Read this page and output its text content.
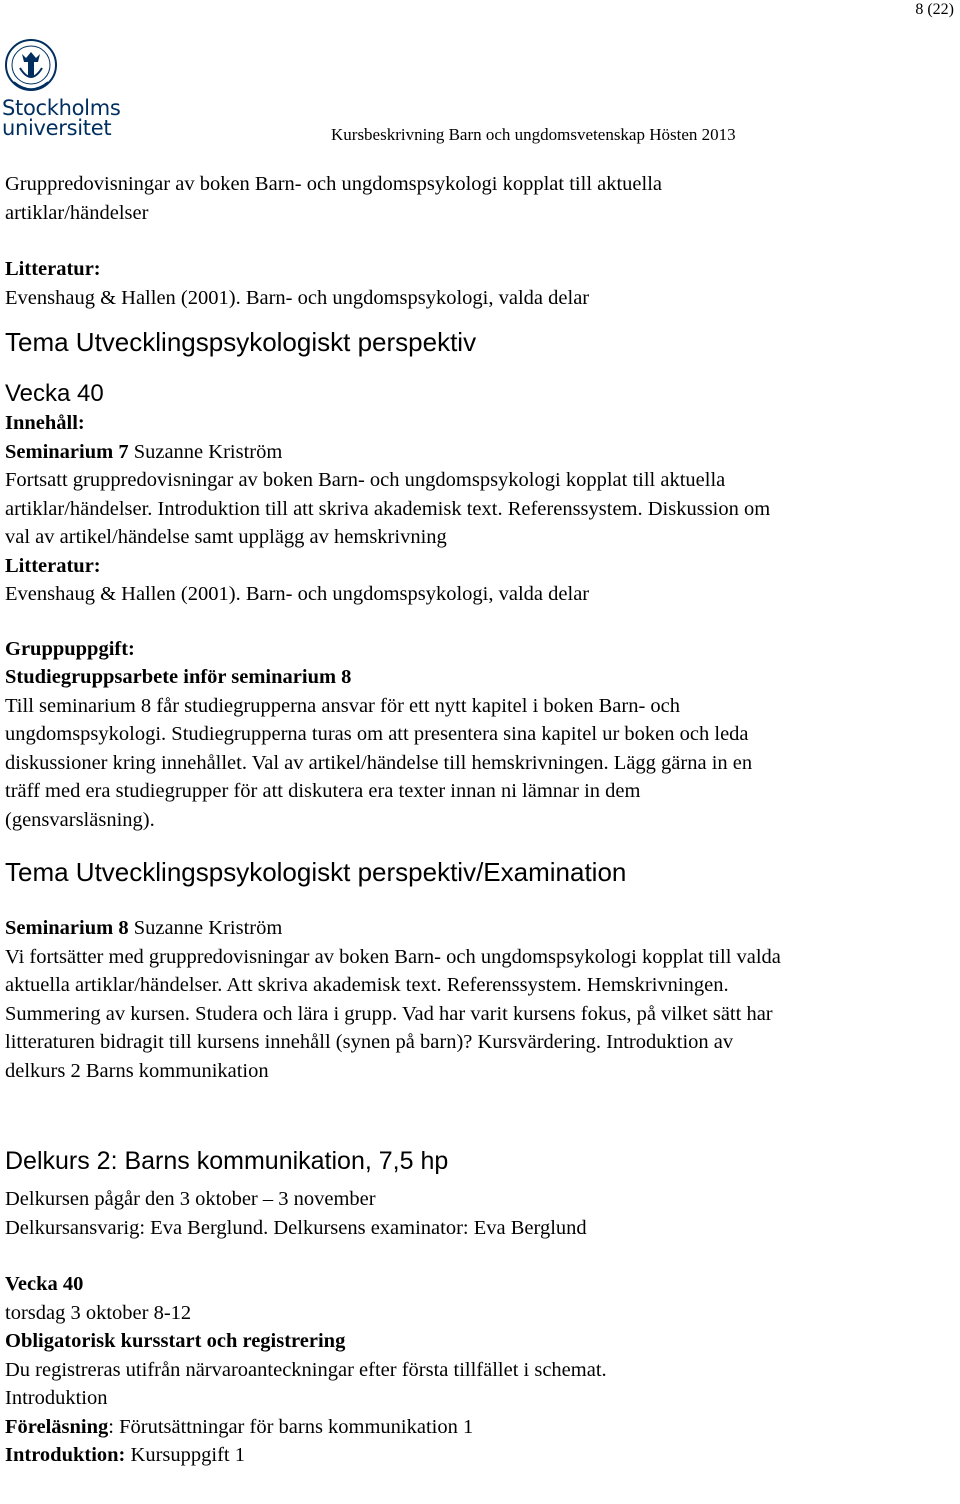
8 (22)
Stockholms
universitet	Kursbeskrivning Barn och ungdomsvetenskap Hösten 2013

Gruppredovisningar av boken Barn- och ungdomspsykologi kopplat till aktuella

artiklar/händelser

Litteratur:

Evenshaug & Hallen (2001). Barn- och ungdomspsykologi, valda delar

Tema Utvecklingspsykologiskt perspektiv

Vecka 40

Innehåll:

Seminarium 7 Suzanne Kriström

Fortsatt gruppredovisningar av boken Barn- och ungdomspsykologi kopplat till aktuella

artiklar/händelser. Introduktion till att skriva akademisk text. Referenssystem. Diskussion om

val av artikel/händelse samt upplägg av hemskrivning

Litteratur:

Evenshaug & Hallen (2001). Barn- och ungdomspsykologi, valda delar

Gruppuppgift:

Studiegruppsarbete inför seminarium 8

Till seminarium 8 får studiegrupperna ansvar för ett nytt kapitel i boken Barn- och

ungdomspsykologi. Studiegrupperna turas om att presentera sina kapitel ur boken och leda

diskussioner kring innehållet. Val av artikel/händelse till hemskrivningen. Lägg gärna in en

träff med era studiegrupper för att diskutera era texter innan ni lämnar in dem

(gensvarsläsning).

Tema Utvecklingspsykologiskt perspektiv/Examination

Seminarium 8 Suzanne Kriström

Vi fortsätter med gruppredovisningar av boken Barn- och ungdomspsykologi kopplat till valda

aktuella artiklar/händelser. Att skriva akademisk text. Referenssystem. Hemskrivningen.

Summering av kursen. Studera och lära i grupp. Vad har varit kursens fokus, på vilket sätt har

litteraturen bidragit till kursens innehåll (synen på barn)? Kursvärdering. Introduktion av

delkurs 2 Barns kommunikation

Delkurs 2: Barns kommunikation, 7,5 hp

Delkursen pågår den 3 oktober – 3 november

Delkursansvarig: Eva Berglund. Delkursens examinator: Eva Berglund

Vecka 40

torsdag 3 oktober 8-12

Obligatorisk kursstart och registrering

Du registreras utifrån närvaroanteckningar efter första tillfället i schemat.

Introduktion

Föreläsning: Förutsättningar för barns kommunikation 1

Introduktion: Kursuppgift 1
